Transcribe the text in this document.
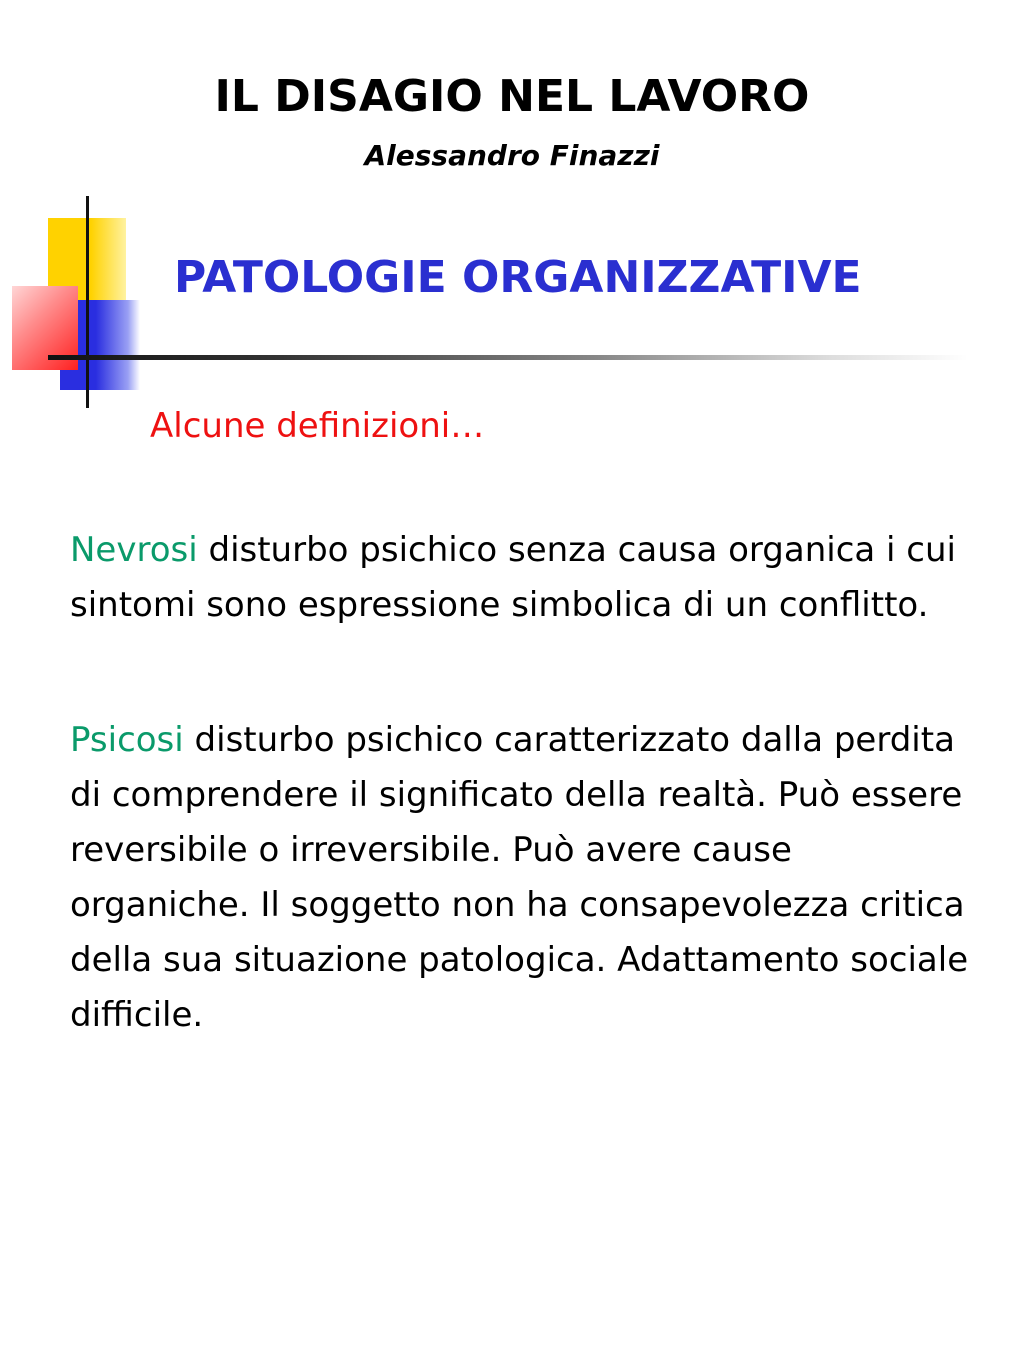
IL DISAGIO NEL LAVORO
Alessandro Finazzi
PATOLOGIE ORGANIZZATIVE
Alcune definizioni…

Nevrosi disturbo psichico senza causa organica i cui sintomi sono espressione simbolica di un conflitto.

Psicosi disturbo psichico caratterizzato dalla perdita di comprendere il significato della realtà. Può essere reversibile o irreversibile. Può avere cause organiche. Il soggetto non ha consapevolezza critica della sua situazione patologica. Adattamento sociale difficile.
